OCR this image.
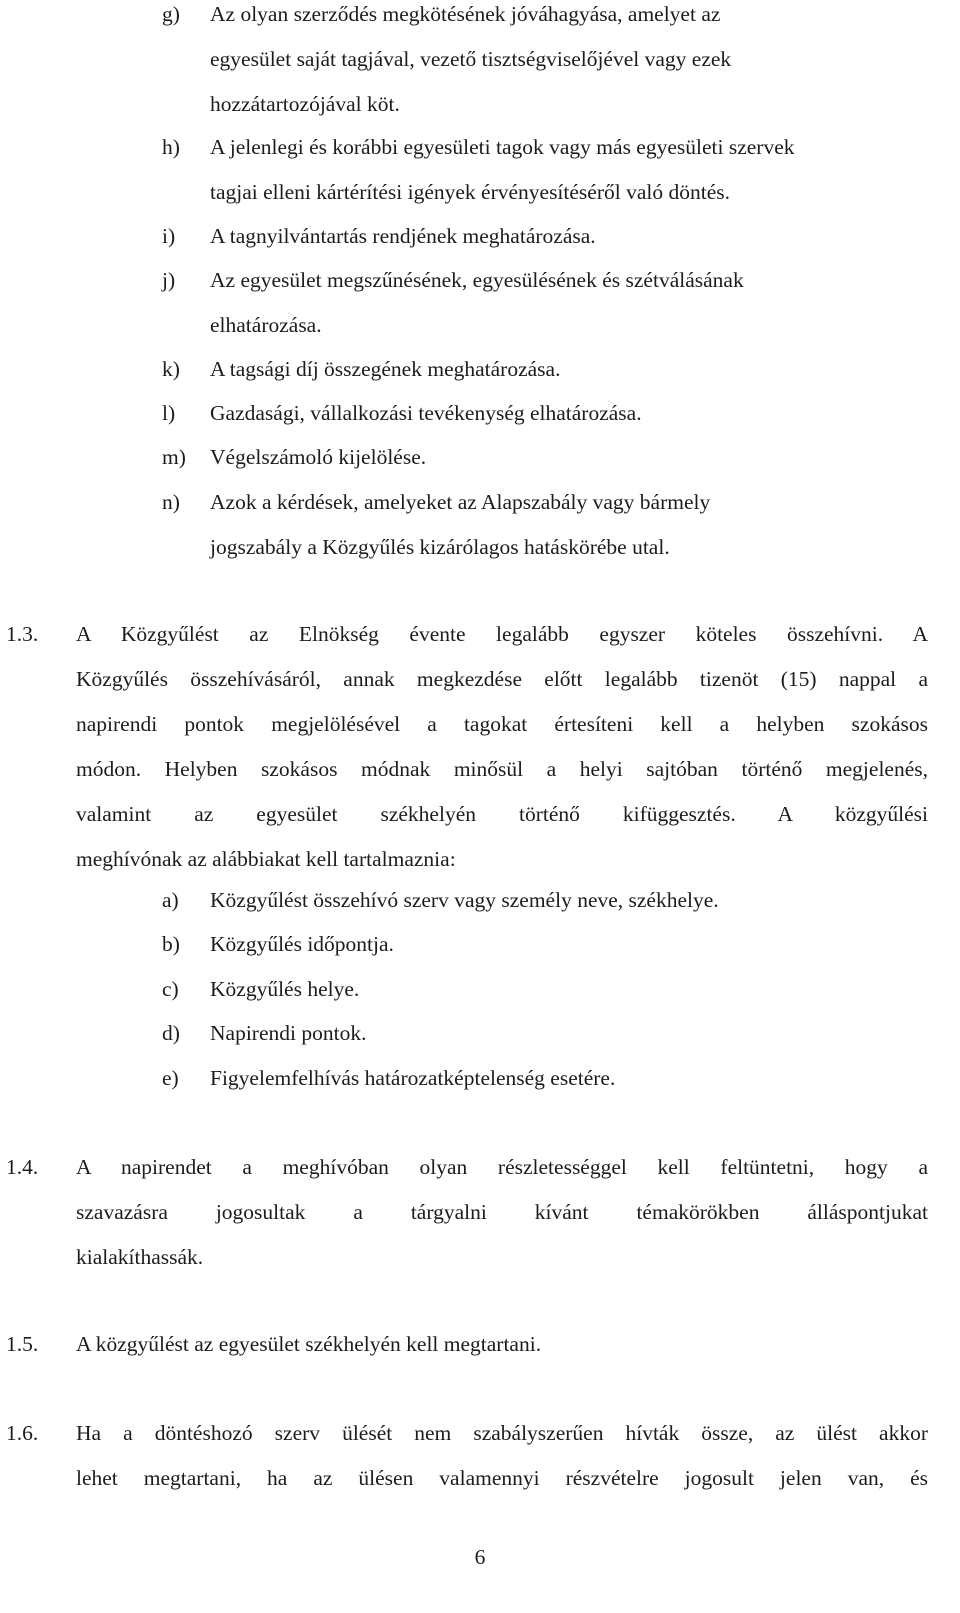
g) Az olyan szerződés megkötésének jóváhagyása, amelyet az
egyesület saját tagjával, vezető tisztségviselőjével vagy ezek
hozzátartozójával köt.
h) A jelenlegi és korábbi egyesületi tagok vagy más egyesületi szervek
tagjai elleni kártérítési igények érvényesítéséről való döntés.
i) A tagnyilvántartás rendjének meghatározása.
j) Az egyesület megszűnésének, egyesülésének és szétválásának
elhatározása.
k) A tagsági díj összegének meghatározása.
l) Gazdasági, vállalkozási tevékenység elhatározása.
m) Végelszámoló kijelölése.
n) Azok a kérdések, amelyeket az Alapszabály vagy bármely
jogszabály a Közgyűlés kizárólagos hatáskörébe utal.
1.3. A Közgyűlést az Elnökség évente legalább egyszer köteles összehívni. A
Közgyűlés összehívásáról, annak megkezdése előtt legalább tizenöt (15) nappal a
napirendi pontok megjelölésével a tagokat értesíteni kell a helyben szokásos
módon. Helyben szokásos módnak minősül a helyi sajtóban történő megjelenés,
valamint az egyesület székhelyén történő kifüggesztés. A közgyűlési
meghívónak az alábbiakat kell tartalmaznia:
a) Közgyűlést összehívó szerv vagy személy neve, székhelye.
b) Közgyűlés időpontja.
c) Közgyűlés helye.
d) Napirendi pontok.
e) Figyelemfelhívás határozatképtelenség esetére.
1.4. A napirendet a meghívóban olyan részletességgel kell feltüntetni, hogy a
szavazásra jogosultak a tárgyalni kívánt témakörökben álláspontjukat
kialakíthassák.
1.5. A közgyűlést az egyesület székhelyén kell megtartani.
1.6. Ha a döntéshozó szerv ülését nem szabályszerűen hívták össze, az ülést akkor
lehet megtartani, ha az ülésen valamennyi részvételre jogosult jelen van, és
6
